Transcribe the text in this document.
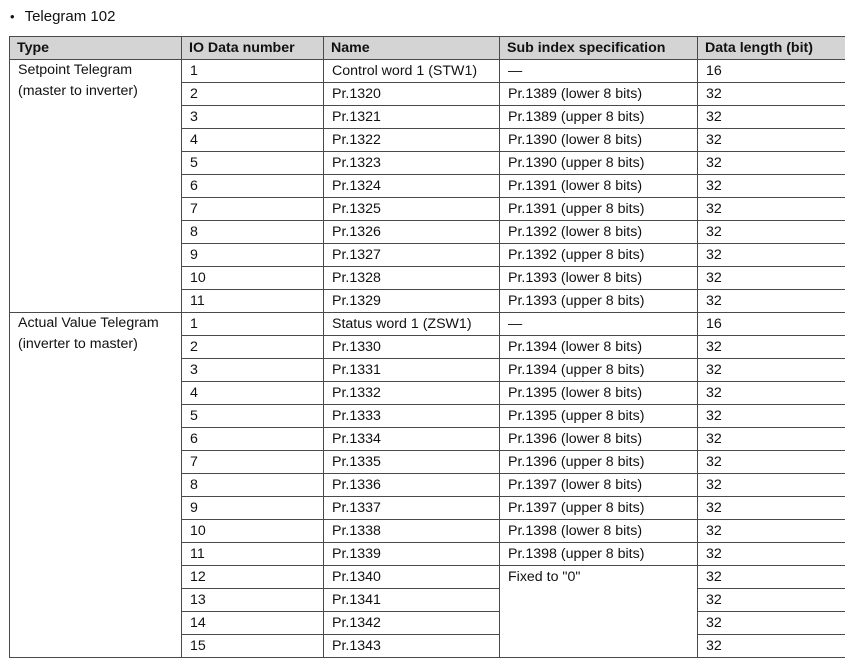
• Telegram 102
Type	IO Data number	Name	Sub index specification	Data length (bit)

Setpoint Telegram
(master to inverter)	1	Control word 1 (STW1)	—	16
	2	Pr.1320	Pr.1389 (lower 8 bits)	32
	3	Pr.1321	Pr.1389 (upper 8 bits)	32
	4	Pr.1322	Pr.1390 (lower 8 bits)	32
	5	Pr.1323	Pr.1390 (upper 8 bits)	32
	6	Pr.1324	Pr.1391 (lower 8 bits)	32
	7	Pr.1325	Pr.1391 (upper 8 bits)	32
	8	Pr.1326	Pr.1392 (lower 8 bits)	32
	9	Pr.1327	Pr.1392 (upper 8 bits)	32
	10	Pr.1328	Pr.1393 (lower 8 bits)	32
	11	Pr.1329	Pr.1393 (upper 8 bits)	32

Actual Value Telegram
(inverter to master)	1	Status word 1 (ZSW1)	—	16
	2	Pr.1330	Pr.1394 (lower 8 bits)	32
	3	Pr.1331	Pr.1394 (upper 8 bits)	32
	4	Pr.1332	Pr.1395 (lower 8 bits)	32
	5	Pr.1333	Pr.1395 (upper 8 bits)	32
	6	Pr.1334	Pr.1396 (lower 8 bits)	32
	7	Pr.1335	Pr.1396 (upper 8 bits)	32
	8	Pr.1336	Pr.1397 (lower 8 bits)	32
	9	Pr.1337	Pr.1397 (upper 8 bits)	32
	10	Pr.1338	Pr.1398 (lower 8 bits)	32
	11	Pr.1339	Pr.1398 (upper 8 bits)	32
	12	Pr.1340	Fixed to "0"	32
	13	Pr.1341		32
	14	Pr.1342		32
	15	Pr.1343		32
